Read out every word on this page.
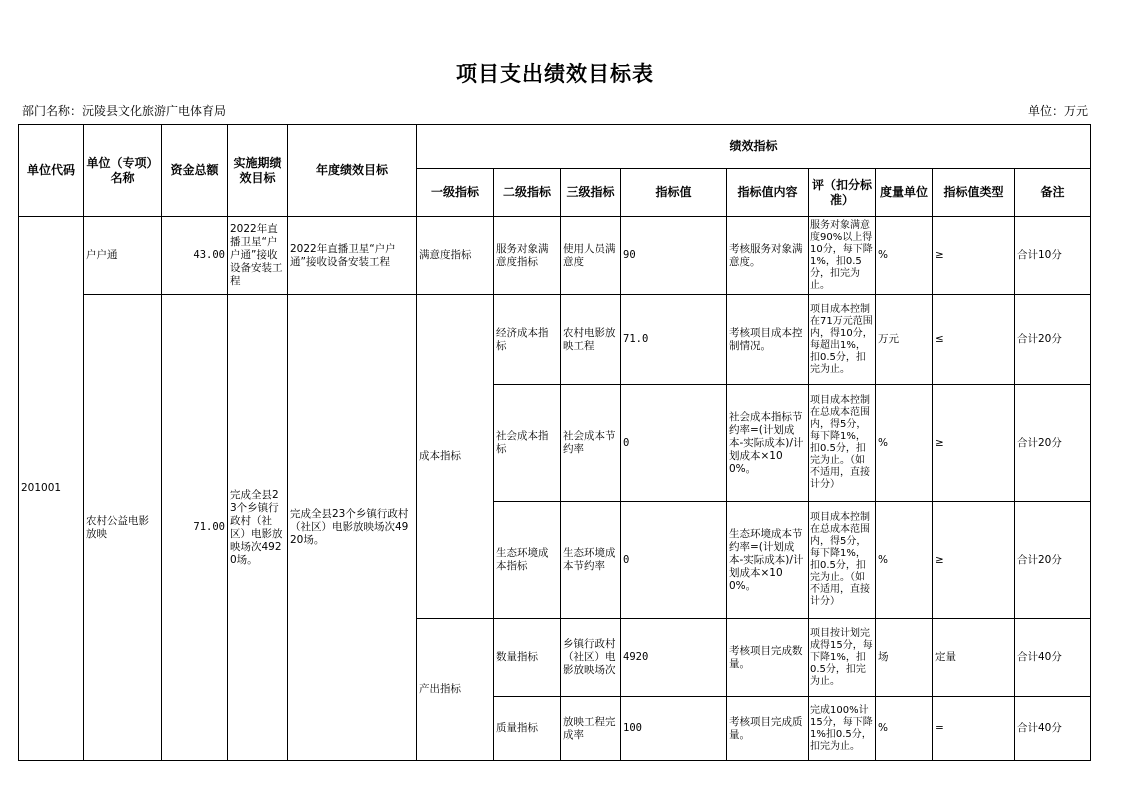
项目支出绩效目标表
部门名称：沅陵县文化旅游广电体育局	单位：万元
单位代码	单位（专项）名称	资金总额	实施期绩效目标	年度绩效目标	绩效指标								
					一级指标	二级指标	三级指标	指标值	指标值内容	评（扣分标准）	度量单位	指标值类型	备注
201001	户户通	43.00	2022年直播卫星“户户通”接收设备安装工程	2022年直播卫星“户户通”接收设备安装工程	满意度指标	服务对象满意度指标	使用人员满意度	90	考核服务对象满意度。	服务对象满意度90%以上得10分，每下降1%，扣0.5分，扣完为止。	%	≥	合计10分
	农村公益电影放映	71.00	完成全县23个乡镇行政村（社区）电影放映场次4920场。	完成全县23个乡镇行政村（社区）电影放映场次4920场。	成本指标	经济成本指标	农村电影放映工程	71.0	考核项目成本控制情况。	项目成本控制在71万元范围内，得10分，每超出1%，扣0.5分，扣完为止。	万元	≤	合计20分
						社会成本指标	社会成本节约率	0	社会成本指标节约率=(计划成本-实际成本)/计划成本×100%。	项目成本控制在总成本范围内，得5分，每下降1%，扣0.5分，扣完为止。（如不适用，直接计分）	%	≥	合计20分
						生态环境成本指标	生态环境成本节约率	0	生态环境成本节约率=(计划成本-实际成本)/计划成本×100%。	项目成本控制在总成本范围内，得5分，每下降1%，扣0.5分，扣完为止。（如不适用，直接计分）	%	≥	合计20分
					产出指标	数量指标	乡镇行政村（社区）电影放映场次	4920	考核项目完成数量。	项目按计划完成得15分，每下降1%，扣0.5分，扣完为止。	场	定量	合计40分
						质量指标	放映工程完成率	100	考核项目完成质量。	完成100%计15分，每下降1%扣0.5分，扣完为止。	%	=	合计40分
